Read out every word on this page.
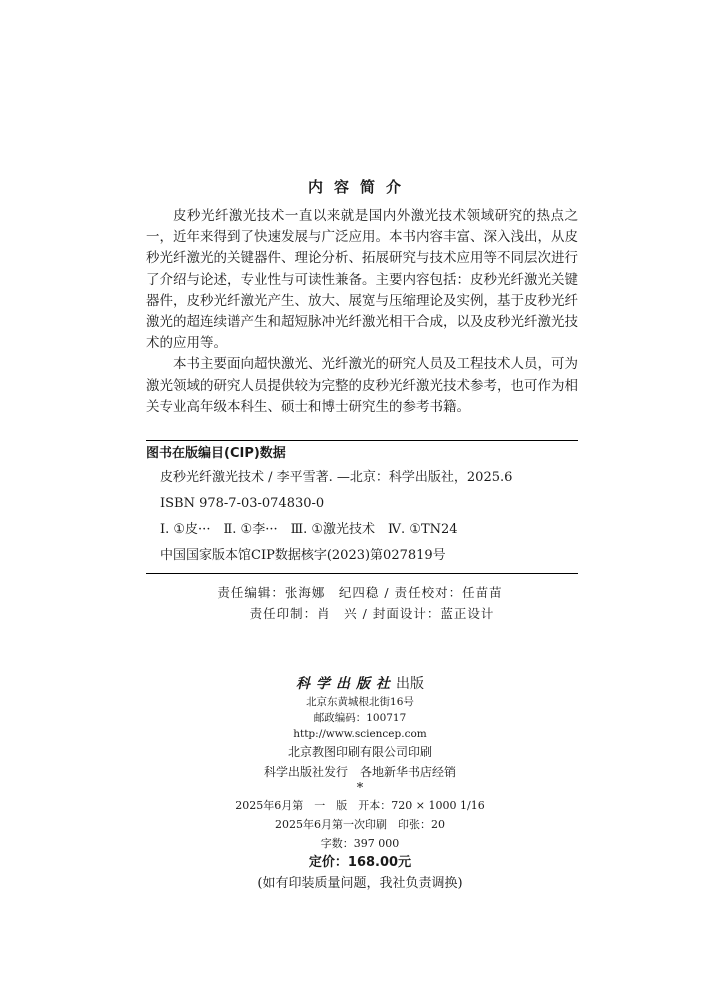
内容简介

皮秒光纤激光技术一直以来就是国内外激光技术领域研究的热点之一，近年来得到了快速发展与广泛应用。本书内容丰富、深入浅出，从皮秒光纤激光的关键器件、理论分析、拓展研究与技术应用等不同层次进行了介绍与论述，专业性与可读性兼备。主要内容包括：皮秒光纤激光关键器件，皮秒光纤激光产生、放大、展宽与压缩理论及实例，基于皮秒光纤激光的超连续谱产生和超短脉冲光纤激光相干合成，以及皮秒光纤激光技术的应用等。

本书主要面向超快激光、光纤激光的研究人员及工程技术人员，可为激光领域的研究人员提供较为完整的皮秒光纤激光技术参考，也可作为相关专业高年级本科生、硕士和博士研究生的参考书籍。

图书在版编目(CIP)数据
皮秒光纤激光技术 / 李平雪著. —北京：科学出版社，2025.6
ISBN 978-7-03-074830-0
Ⅰ. ①皮···　Ⅱ. ①李···　Ⅲ. ①激光技术　Ⅳ. ①TN24
中国国家版本馆CIP数据核字(2023)第027819号
责任编辑：张海娜　纪四稳 / 责任校对：任苗苗
责任印制：肖　兴 / 封面设计：蓝正设计
科学出版社出版
北京东黄城根北街16号
邮政编码：100717
http://www.sciencep.com
北京教图印刷有限公司印刷
科学出版社发行　各地新华书店经销
*
2025年6月第　一　版　开本：720 × 1000 1/16
2025年6月第一次印刷　印张：20
字数：397 000
定价：168.00元
(如有印装质量问题，我社负责调换)
